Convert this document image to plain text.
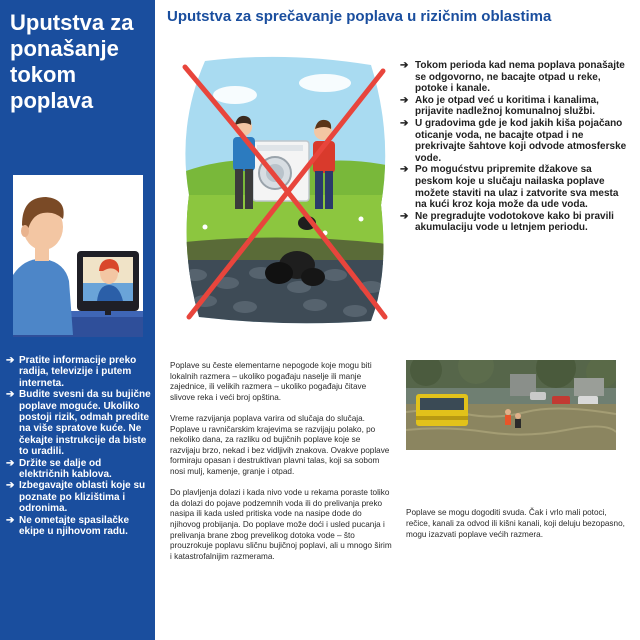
Uputstva za ponašanje tokom poplava
➔ Pratite informacije preko radija, televizije i putem interneta.
➔ Budite svesni da su bujične poplave moguće. Ukoliko postoji rizik, odmah predite na više spratove kuće. Ne čekajte instrukcije da biste to uradili.
➔ Držite se dalje od električnih kablova.
➔ Izbegavajte oblasti koje su poznate po klizištima i odronima.
➔ Ne ometajte spasilačke ekipe u njihovom radu.
Uputstva za sprečavanje poplava u rizičnim oblastima
➔ Tokom perioda kad nema poplava ponašajte se odgovorno, ne bacajte otpad u reke, potoke i kanale.
➔ Ako je otpad već u koritima i kanalima, prijavite nadležnoj komunalnoj službi.
➔ U gradovima gde je kod jakih kiša pojačano oticanje voda, ne bacajte otpad i ne prekrivajte šahtove koji odvode atmosferske vode.
➔ Po mogućstvu pripremite džakove sa peskom koje u slučaju nailaska poplave možete staviti na ulaz i zatvorite sva mesta na kući kroz koja može da ude voda.
➔ Ne pregradujte vodotokove kako bi pravili akumulaciju vode u letnjem periodu.

Poplave su česte elementarne nepogode koje mogu biti lokalnih razmera – ukoliko pogađaju naselje ili manje zajednice, ili velikih razmera – ukoliko pogađaju čitave slivove reka i veći broj opština.

Vreme razvijanja poplava varira od slučaja do slučaja. Poplave u ravničarskim krajevima se razvijaju polako, po nekoliko dana, za razliku od bujičnih poplave koje se razvijaju brzo, nekad i bez vidljivih znakova. Ovakve poplave formiraju opasan i destruktivan plavni talas, koji sa sobom nosi mulj, kamenje, granje i otpad.

Do plavljenja dolazi i kada nivo vode u rekama poraste toliko da dolazi do pojave podzemnih voda ili do prelivanja preko nasipa ili kada usled pritiska vode na nasipe dode do njihovog probijanja. Do poplave može doći i usled pucanja i prelivanja brane zbog prevelikog dotoka vode – što prouzrokuje poplavu sličnu bujičnoj poplavi, ali u mnogo širim i katastrofalnijim razmerama.

Poplave se mogu dogoditi svuda. Čak i vrlo mali potoci, rečice, kanali za odvod ili kišni kanali, koji deluju bezopasno, mogu izazvati poplave većih razmera.
